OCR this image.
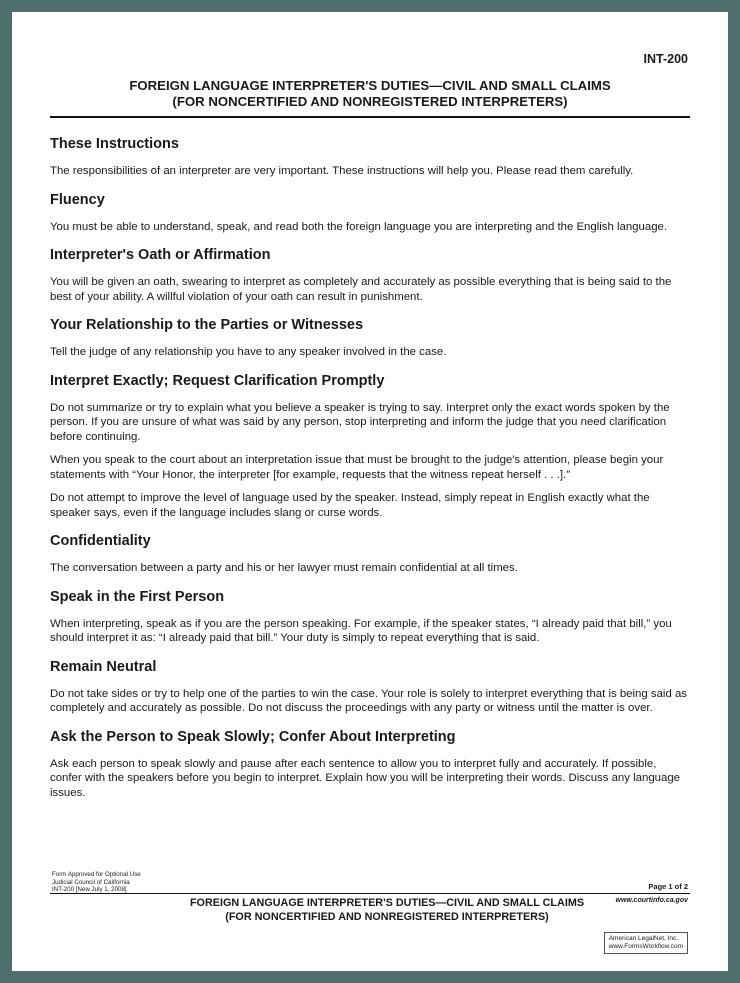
INT-200
FOREIGN LANGUAGE INTERPRETER'S DUTIES—CIVIL AND SMALL CLAIMS
(FOR NONCERTIFIED AND NONREGISTERED INTERPRETERS)
These Instructions

The responsibilities of an interpreter are very important. These instructions will help you. Please read them carefully.

Fluency

You must be able to understand, speak, and read both the foreign language you are interpreting and the English language.

Interpreter's Oath or Affirmation

You will be given an oath, swearing to interpret as completely and accurately as possible everything that is being said to the best of your ability. A willful violation of your oath can result in punishment.

Your Relationship to the Parties or Witnesses

Tell the judge of any relationship you have to any speaker involved in the case.

Interpret Exactly; Request Clarification Promptly

Do not summarize or try to explain what you believe a speaker is trying to say. Interpret only the exact words spoken by the person. If you are unsure of what was said by any person, stop interpreting and inform the judge that you need clarification before continuing.

When you speak to the court about an interpretation issue that must be brought to the judge's attention, please begin your statements with “Your Honor, the interpreter [for example, requests that the witness repeat herself . . .].”

Do not attempt to improve the level of language used by the speaker. Instead, simply repeat in English exactly what the speaker says, even if the language includes slang or curse words.

Confidentiality

The conversation between a party and his or her lawyer must remain confidential at all times.

Speak in the First Person

When interpreting, speak as if you are the person speaking. For example, if the speaker states, “I already paid that bill,” you should interpret it as: “I already paid that bill.” Your duty is simply to repeat everything that is said.

Remain Neutral

Do not take sides or try to help one of the parties to win the case. Your role is solely to interpret everything that is being said as completely and accurately as possible. Do not discuss the proceedings with any party or witness until the matter is over.

Ask the Person to Speak Slowly; Confer About Interpreting

Ask each person to speak slowly and pause after each sentence to allow you to interpret fully and accurately. If possible, confer with the speakers before you begin to interpret. Explain how you will be interpreting their words. Discuss any language issues.

Form Approved for Optional Use
Judicial Council of California
INT-200 [New July 1, 2008]	Page 1 of 2
FOREIGN LANGUAGE INTERPRETER'S DUTIES—CIVIL AND SMALL CLAIMS
(FOR NONCERTIFIED AND NONREGISTERED INTERPRETERS)
www.courtinfo.ca.gov
American LegalNet, Inc.
www.FormsWorkflow.com
